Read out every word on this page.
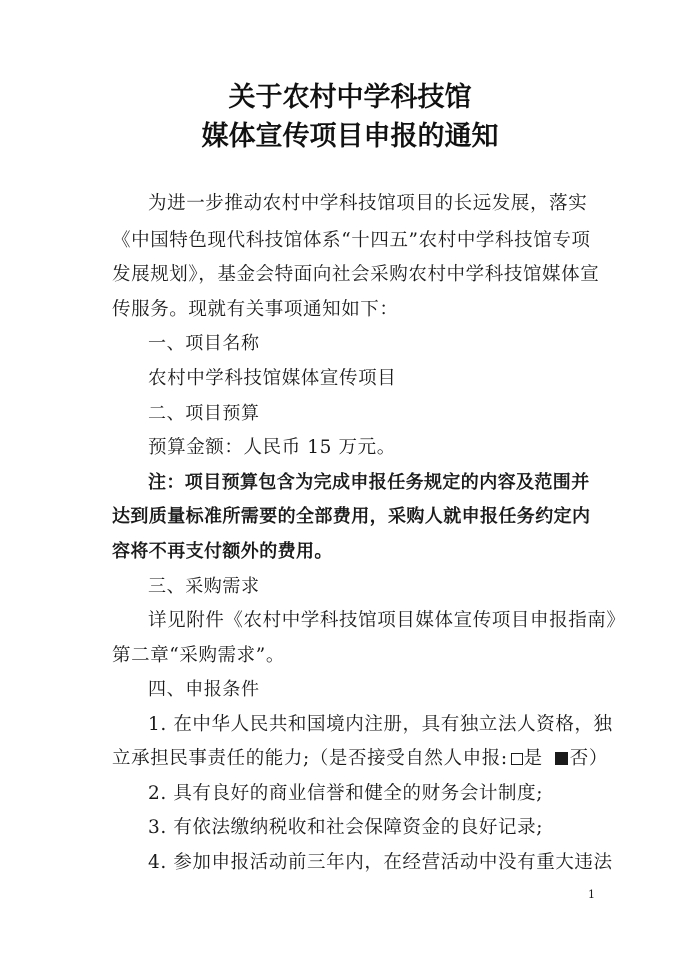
关于农村中学科技馆
媒体宣传项目申报的通知
为进一步推动农村中学科技馆项目的长远发展，落实
《中国特色现代科技馆体系“十四五”农村中学科技馆专项
发展规划》，基金会特面向社会采购农村中学科技馆媒体宣
传服务。现就有关事项通知如下：
一、项目名称
农村中学科技馆媒体宣传项目
二、项目预算
预算金额：人民币 15 万元。
注：项目预算包含为完成申报任务规定的内容及范围并
达到质量标准所需要的全部费用，采购人就申报任务约定内
容将不再支付额外的费用。
三、采购需求
详见附件《农村中学科技馆项目媒体宣传项目申报指南》
第二章“采购需求”。
四、申报条件
1. 在中华人民共和国境内注册，具有独立法人资格，独
立承担民事责任的能力;（是否接受自然人申报: 是 否）
2. 具有良好的商业信誉和健全的财务会计制度;
3. 有依法缴纳税收和社会保障资金的良好记录;
4. 参加申报活动前三年内，在经营活动中没有重大违法
1
